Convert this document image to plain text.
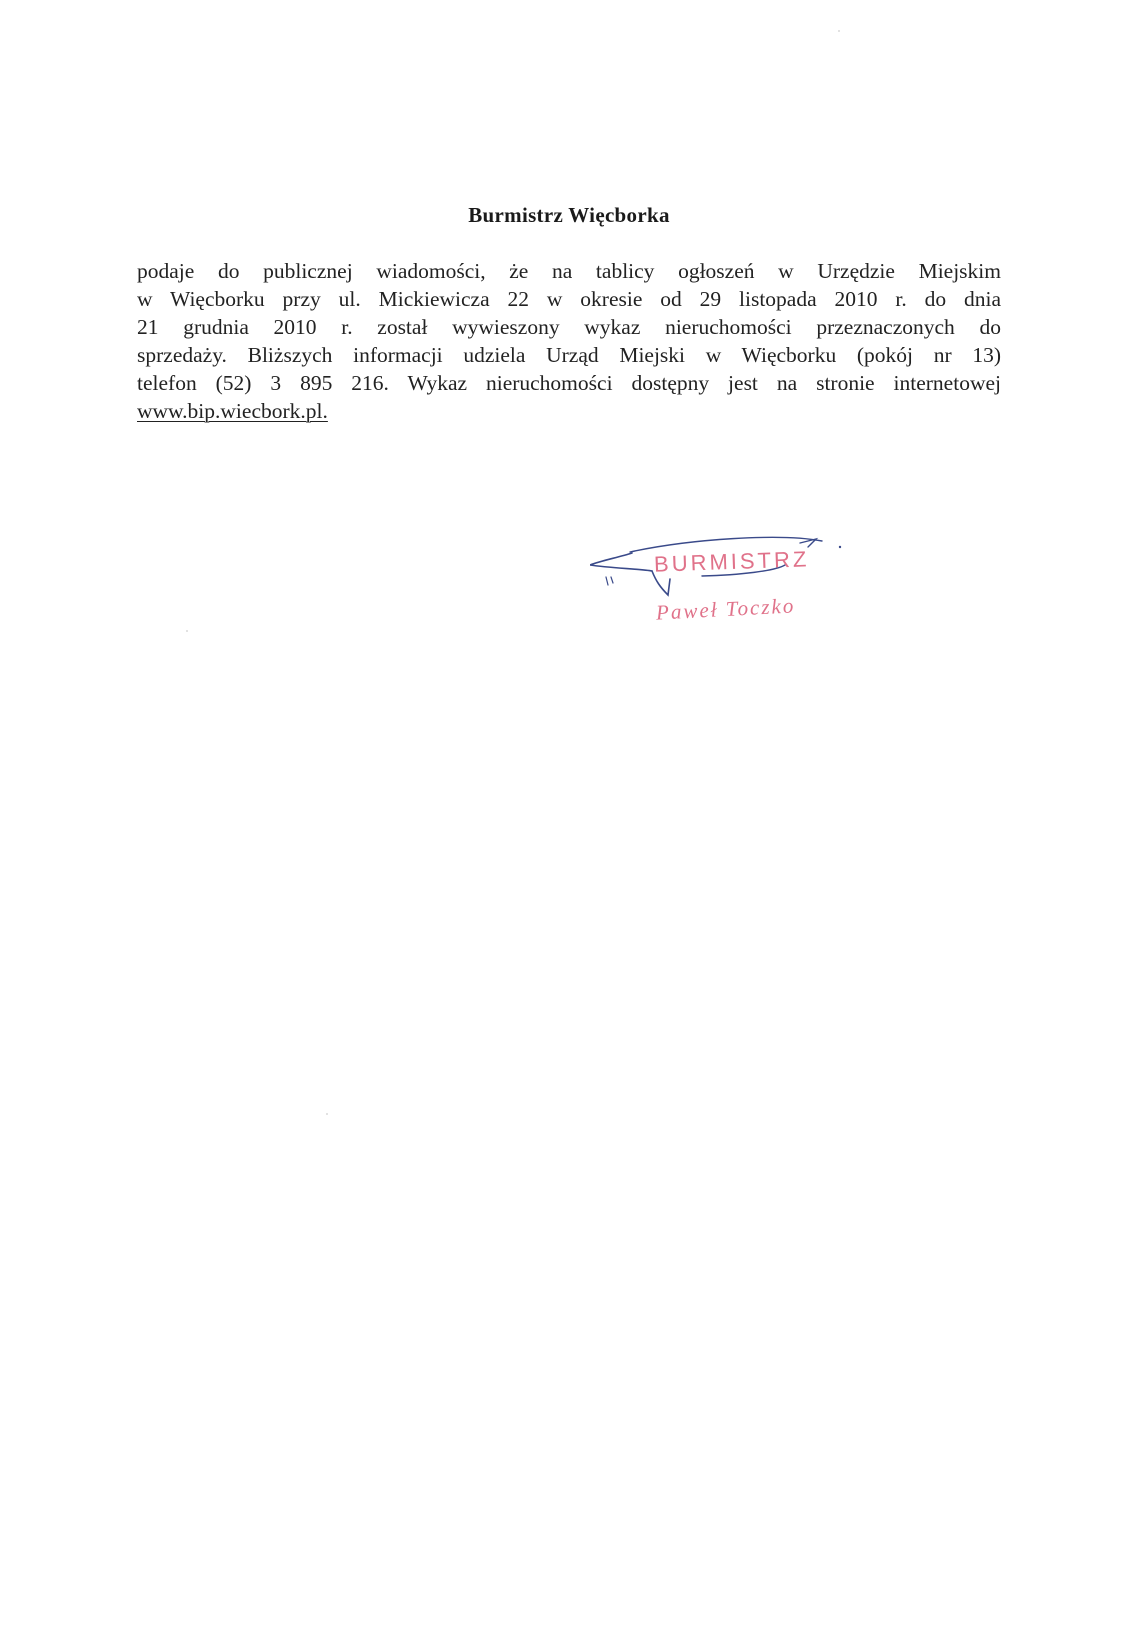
Burmistrz Więcborka
podaje do publicznej wiadomości, że na tablicy ogłoszeń w Urzędzie Miejskim
w Więcborku przy ul. Mickiewicza 22 w okresie od 29 listopada 2010 r. do dnia
21 grudnia 2010 r. został wywieszony wykaz nieruchomości przeznaczonych do
sprzedaży. Bliższych informacji udziela Urząd Miejski w Więcborku (pokój nr 13)
telefon (52) 3 895 216. Wykaz nieruchomości dostępny jest na stronie internetowej
www.bip.wiecbork.pl.
BURMISTRZ
Paweł Toczko
